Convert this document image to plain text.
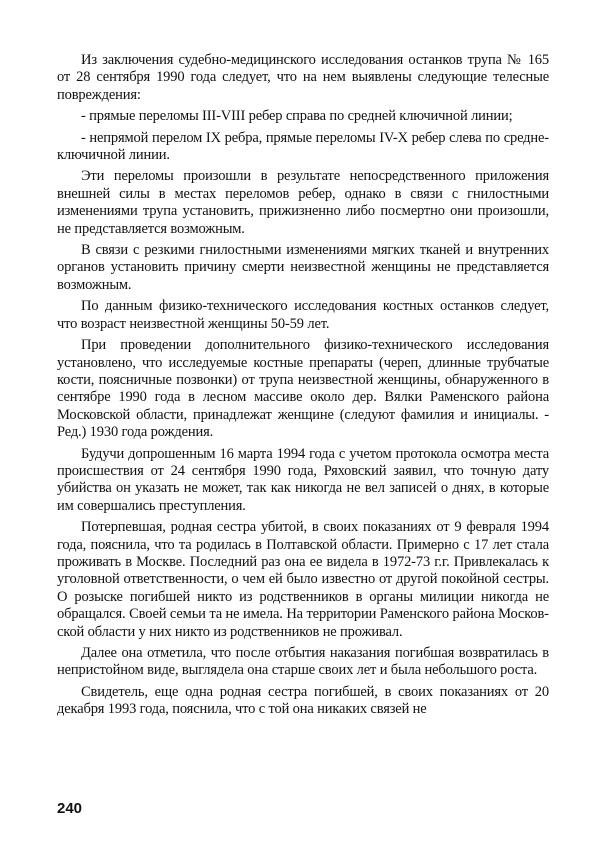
Из заключения судебно-медицинского исследования останков трупа № 165 от 28 сентября 1990 года следует, что на нем выявлены следующие телесные повреждения:

- прямые переломы III-VIII ребер справа по средней ключичной линии;

- непрямой перелом IX ребра, прямые переломы IV-X ребер слева по средне-ключичной линии.

Эти переломы произошли в результате непосредственного приложения внешней силы в местах переломов ребер, однако в связи с гнилостными изменениями трупа установить, прижизненно либо посмертно они произошли, не представляется возможным.

В связи с резкими гнилостными изменениями мягких тканей и внутренних органов установить причину смерти неизвестной женщины не представляется возможным.

По данным физико-технического исследования костных останков следует, что возраст неизвестной женщины 50-59 лет.

При проведении дополнительного физико-технического исследования установлено, что исследуемые костные препараты (череп, длинные трубчатые кости, поясничные позвонки) от трупа неизвестной женщины, обнаруженного в сентябре 1990 года в лесном массиве около дер. Вялки Раменского района Московской области, принадлежат женщине (следуют фамилия и инициалы. - Ред.) 1930 года рождения.

Будучи допрошенным 16 марта 1994 года с учетом протокола осмотра места происшествия от 24 сентября 1990 года, Ряховский заявил, что точную дату убийства он указать не может, так как никогда не вел записей о днях, в которые им совершались преступления.

Потерпевшая, родная сестра убитой, в своих показаниях от 9 февраля 1994 года, пояснила, что та родилась в Полтавской области. Примерно с 17 лет стала проживать в Москве. Последний раз она ее видела в 1972-73 г.г. Привлекалась к уголовной ответственности, о чем ей было известно от другой покойной сестры. О розыске погибшей никто из родственников в органы милиции никогда не обращался. Своей семьи та не имела. На территории Раменского района Московской области у них никто из родственников не проживал.

Далее она отметила, что после отбытия наказания погибшая возвратилась в непристойном виде, выглядела она старше своих лет и была небольшого роста.

Свидетель, еще одна родная сестра погибшей, в своих показаниях от 20 декабря 1993 года, пояснила, что с той она никаких связей не

240
